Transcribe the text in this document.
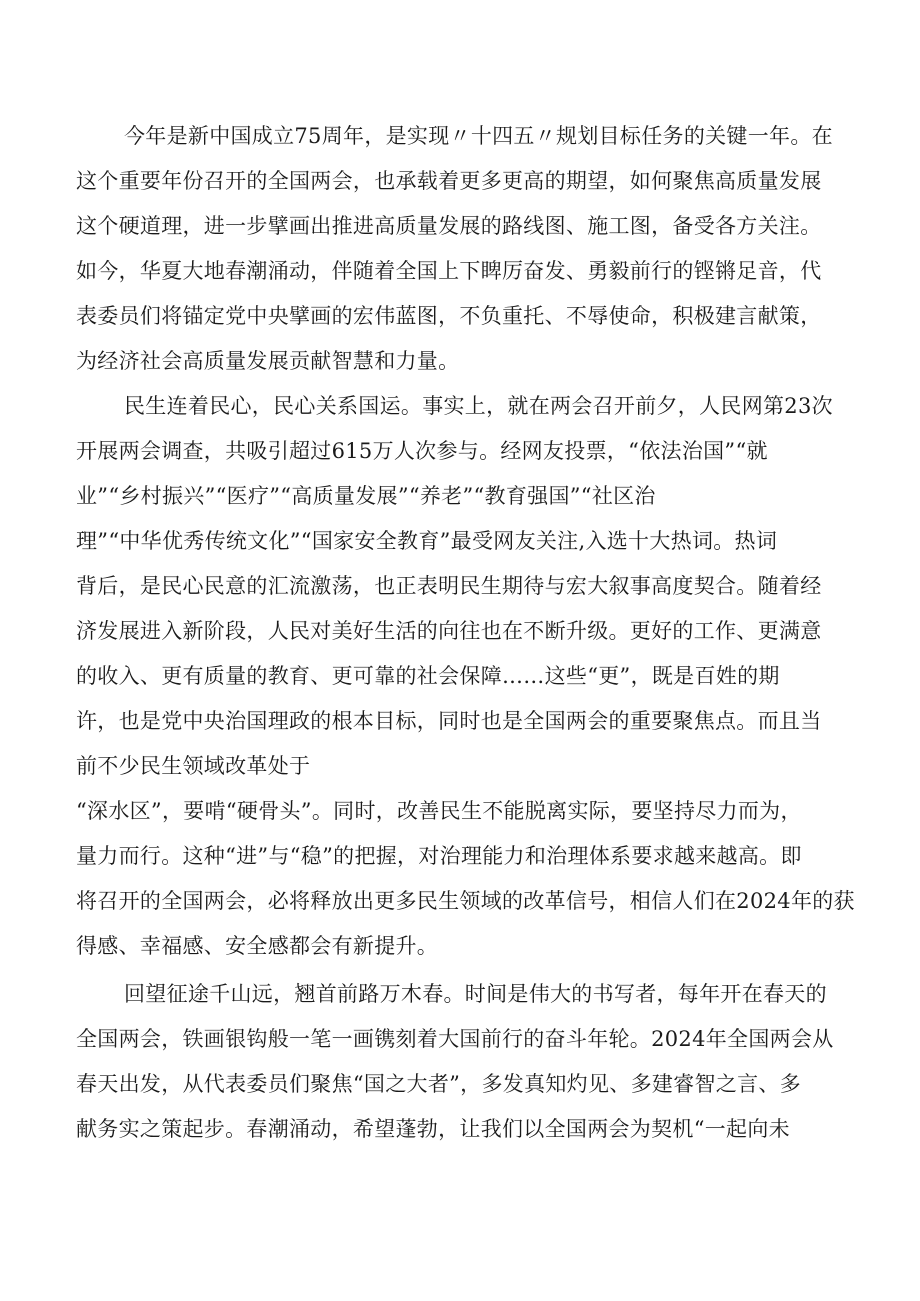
今年是新中国成立75周年，是实现〃十四五〃规划目标任务的关键一年。在
这个重要年份召开的全国两会，也承载着更多更高的期望，如何聚焦高质量发展
这个硬道理，进一步擘画出推进高质量发展的路线图、施工图，备受各方关注。
如今，华夏大地春潮涌动，伴随着全国上下睥厉奋发、勇毅前行的铿锵足音，代
表委员们将锚定党中央擘画的宏伟蓝图，不负重托、不辱使命，积极建言献策，
为经济社会高质量发展贡献智慧和力量。
民生连着民心，民心关系国运。事实上，就在两会召开前夕，人民网第23次
开展两会调查，共吸引超过615万人次参与。经网友投票，“依法治国”“就
业”“乡村振兴”“医疗”“高质量发展”“养老”“教育强国”“社区治
理”“中华优秀传统文化”“国家安全教育”最受网友关注,入选十大热词。热词
背后，是民心民意的汇流激荡，也正表明民生期待与宏大叙事高度契合。随着经
济发展进入新阶段，人民对美好生活的向往也在不断升级。更好的工作、更满意
的收入、更有质量的教育、更可靠的社会保障……这些“更”，既是百姓的期
许，也是党中央治国理政的根本目标，同时也是全国两会的重要聚焦点。而且当
前不少民生领域改革处于
“深水区”，要啃“硬骨头”。同时，改善民生不能脱离实际，要坚持尽力而为，
量力而行。这种“进”与“稳”的把握，对治理能力和治理体系要求越来越高。即
将召开的全国两会，必将释放出更多民生领域的改革信号，相信人们在2024年的获
得感、幸福感、安全感都会有新提升。
回望征途千山远，翘首前路万木春。时间是伟大的书写者，每年开在春天的
全国两会，铁画银钩般一笔一画镌刻着大国前行的奋斗年轮。2024年全国两会从
春天出发，从代表委员们聚焦“国之大者”，多发真知灼见、多建睿智之言、多
献务实之策起步。春潮涌动，希望蓬勃，让我们以全国两会为契机“一起向未
